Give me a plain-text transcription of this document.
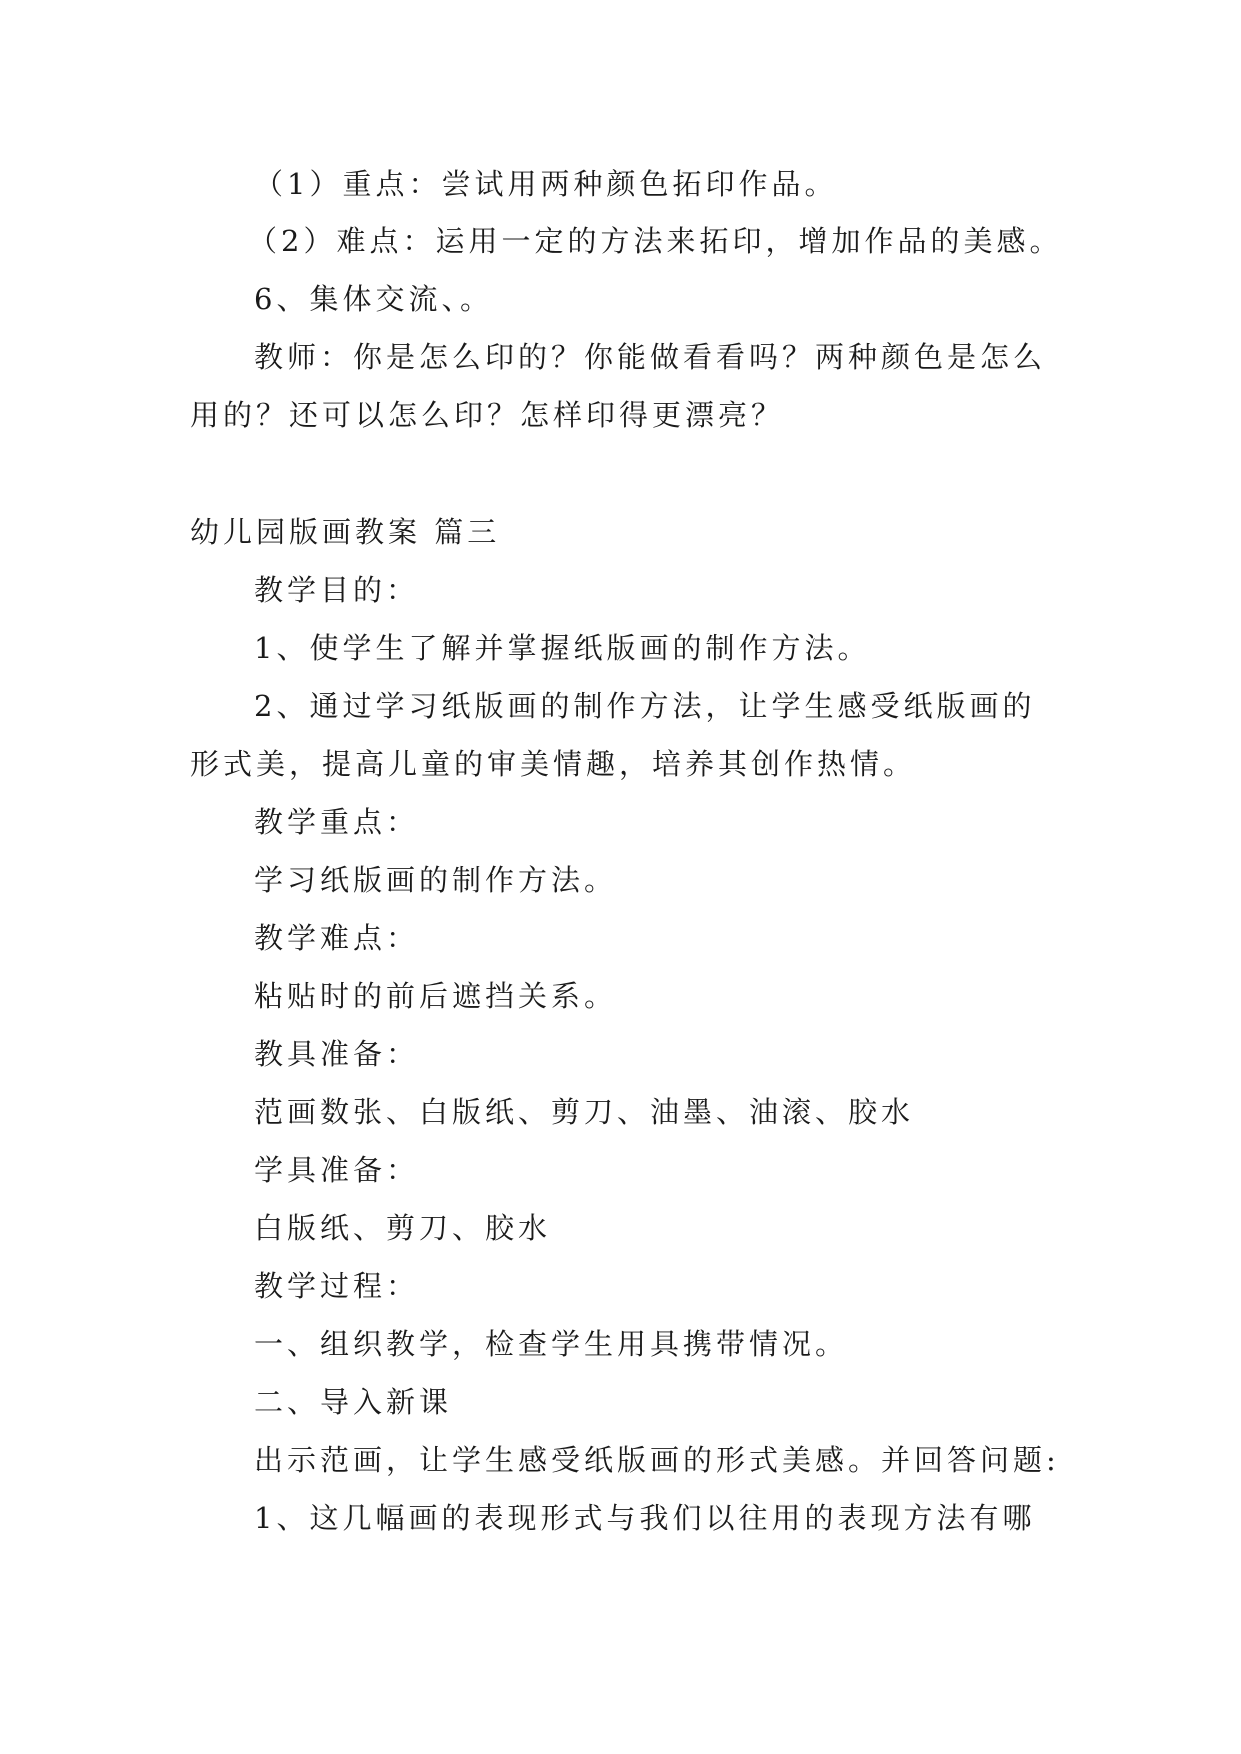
（1）重点：尝试用两种颜色拓印作品。
（2）难点：运用一定的方法来拓印，增加作品的美感。
6、集体交流、。
教师：你是怎么印的？你能做看看吗？两种颜色是怎么
用的？还可以怎么印？怎样印得更漂亮？
幼儿园版画教案 篇三
教学目的：
1、使学生了解并掌握纸版画的制作方法。
2、通过学习纸版画的制作方法，让学生感受纸版画的
形式美，提高儿童的审美情趣，培养其创作热情。
教学重点：
学习纸版画的制作方法。
教学难点：
粘贴时的前后遮挡关系。
教具准备：
范画数张、白版纸、剪刀、油墨、油滚、胶水
学具准备：
白版纸、剪刀、胶水
教学过程：
一、组织教学，检查学生用具携带情况。
二、导入新课
出示范画，让学生感受纸版画的形式美感。并回答问题:
1、这几幅画的表现形式与我们以往用的表现方法有哪
